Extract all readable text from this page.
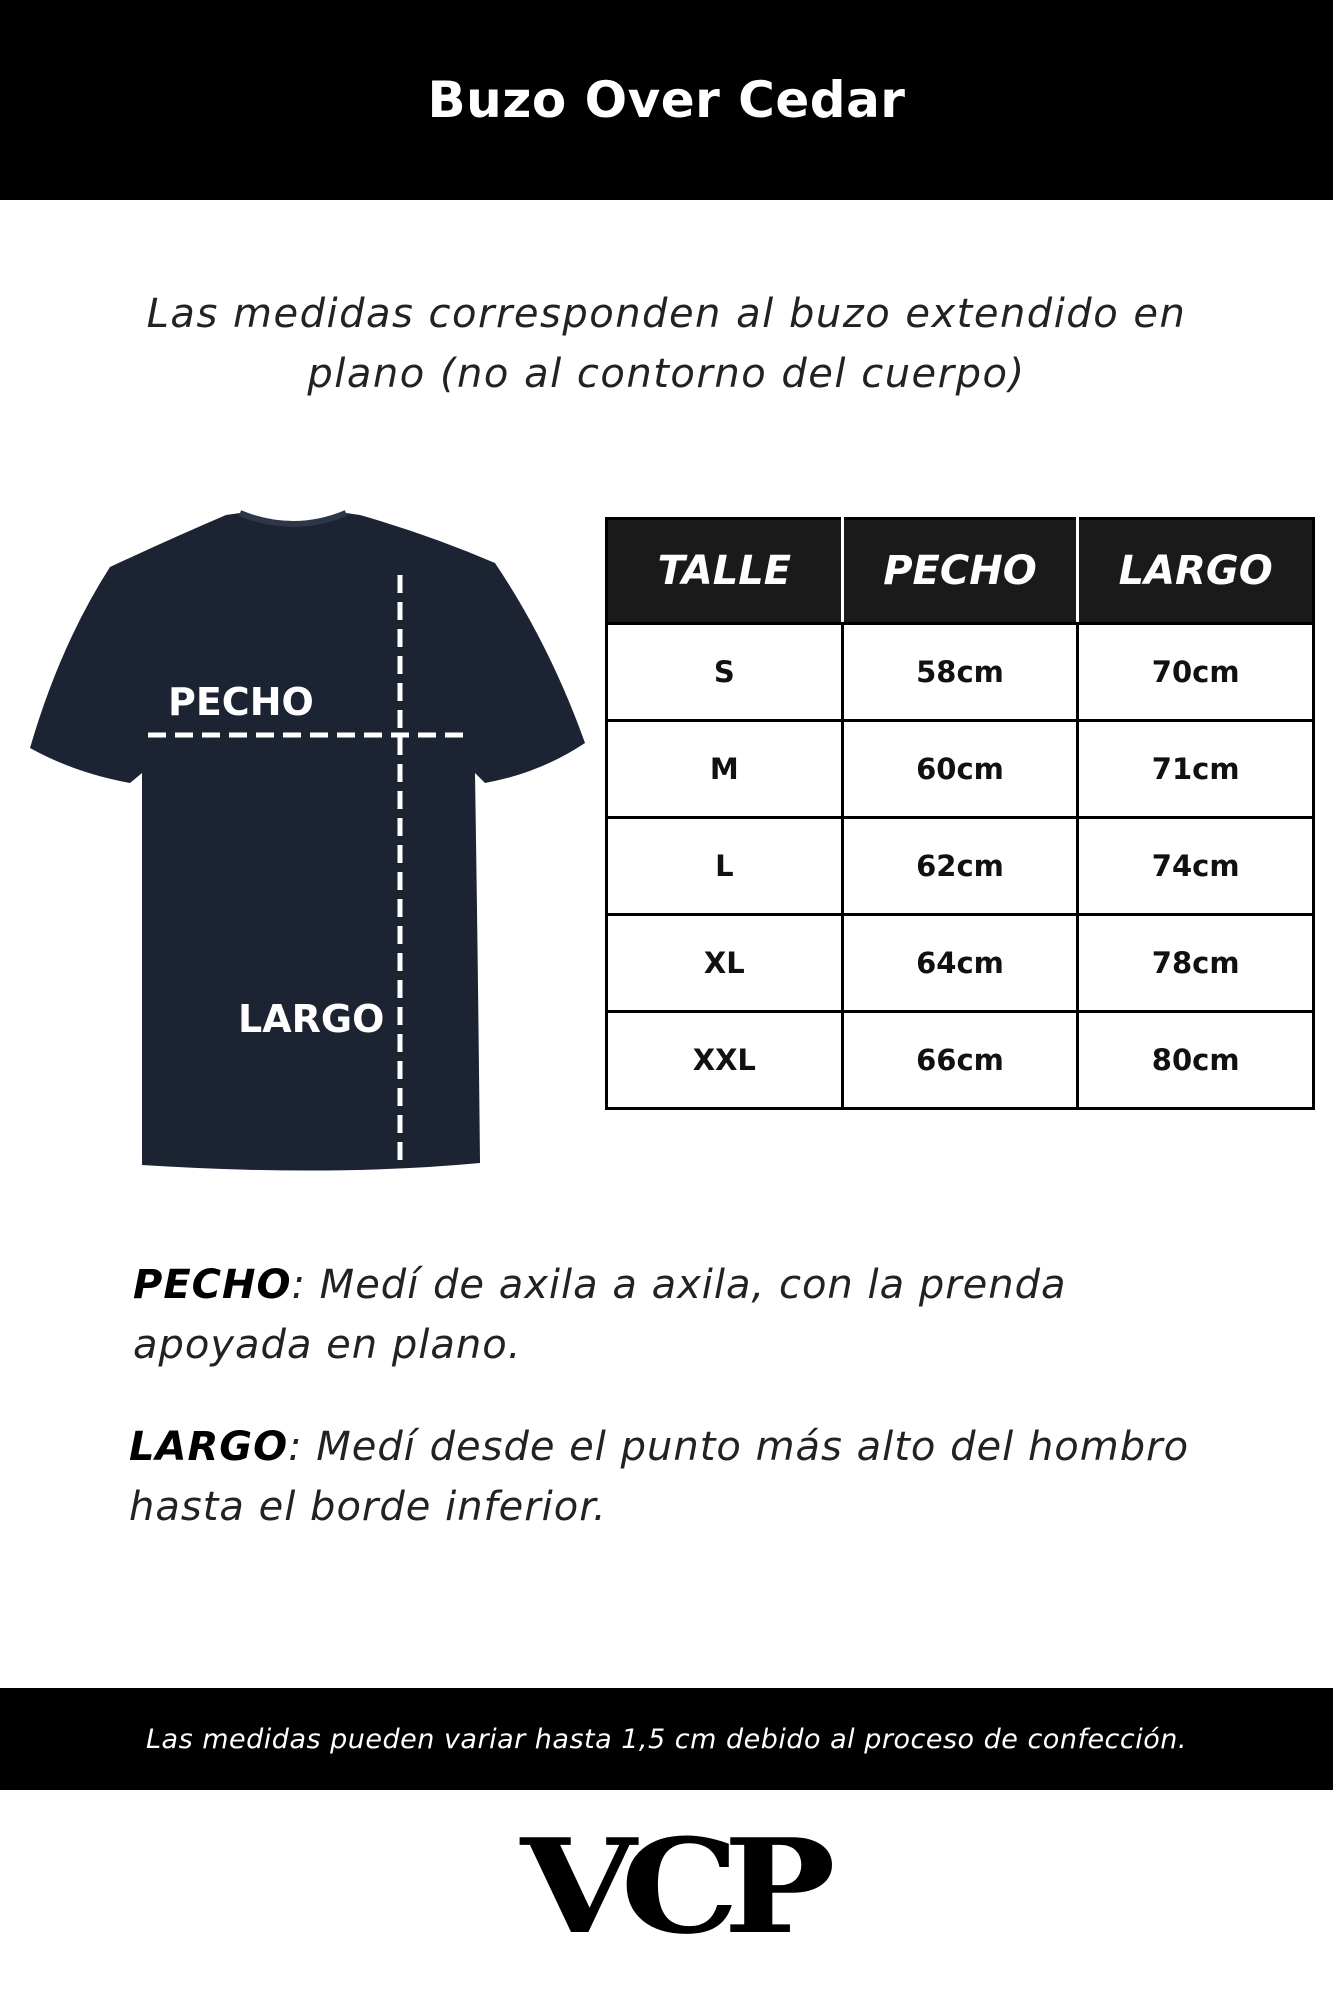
Buzo Over Cedar
Las medidas corresponden al buzo extendido en
plano (no al contorno del cuerpo)
PECHO
LARGO
TALLE	PECHO	LARGO
S	58cm	70cm
M	60cm	71cm
L	62cm	74cm
XL	64cm	78cm
XXL	66cm	80cm
PECHO: Medí de axila a axila, con la prenda
apoyada en plano.
LARGO: Medí desde el punto más alto del hombro
hasta el borde inferior.
Las medidas pueden variar hasta 1,5 cm debido al proceso de confección.
VCP
